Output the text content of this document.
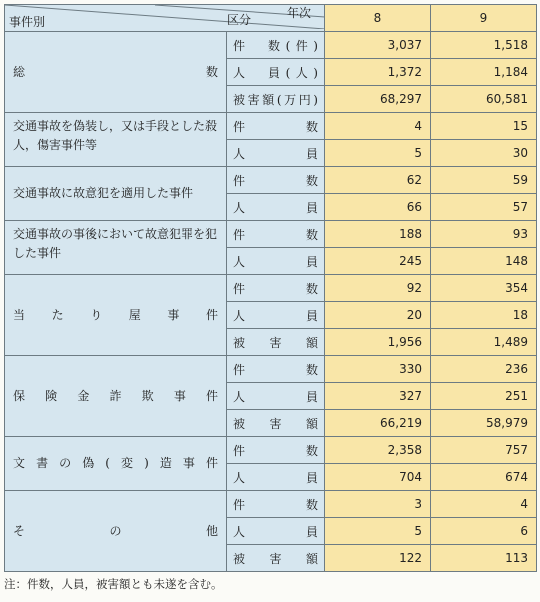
事件別 区分 年次		8	9
総　　　数	件　数(件)	3,037	1,518
	人　員(人)	1,372	1,184
	被害額(万円)	68,297	60,581
交通事故を偽装し，又は手段とした殺人，傷害事件等	件　数	4	15
	人　員	5	30
交通事故に故意犯を適用した事件	件　数	62	59
	人　員	66	57
交通事故の事後において故意犯罪を犯した事件	件　数	188	93
	人　員	245	148
当たり屋事件	件　数	92	354
	人　員	20	18
	被害額	1,956	1,489
保険金詐欺事件	件　数	330	236
	人　員	327	251
	被害額	66,219	58,979
文書の偽(変)造事件	件　数	2,358	757
	人　員	704	674
そ　の　他	件　数	3	4
	人　員	5	6
	被害額	122	113
注：件数，人員，被害額とも未遂を含む。
